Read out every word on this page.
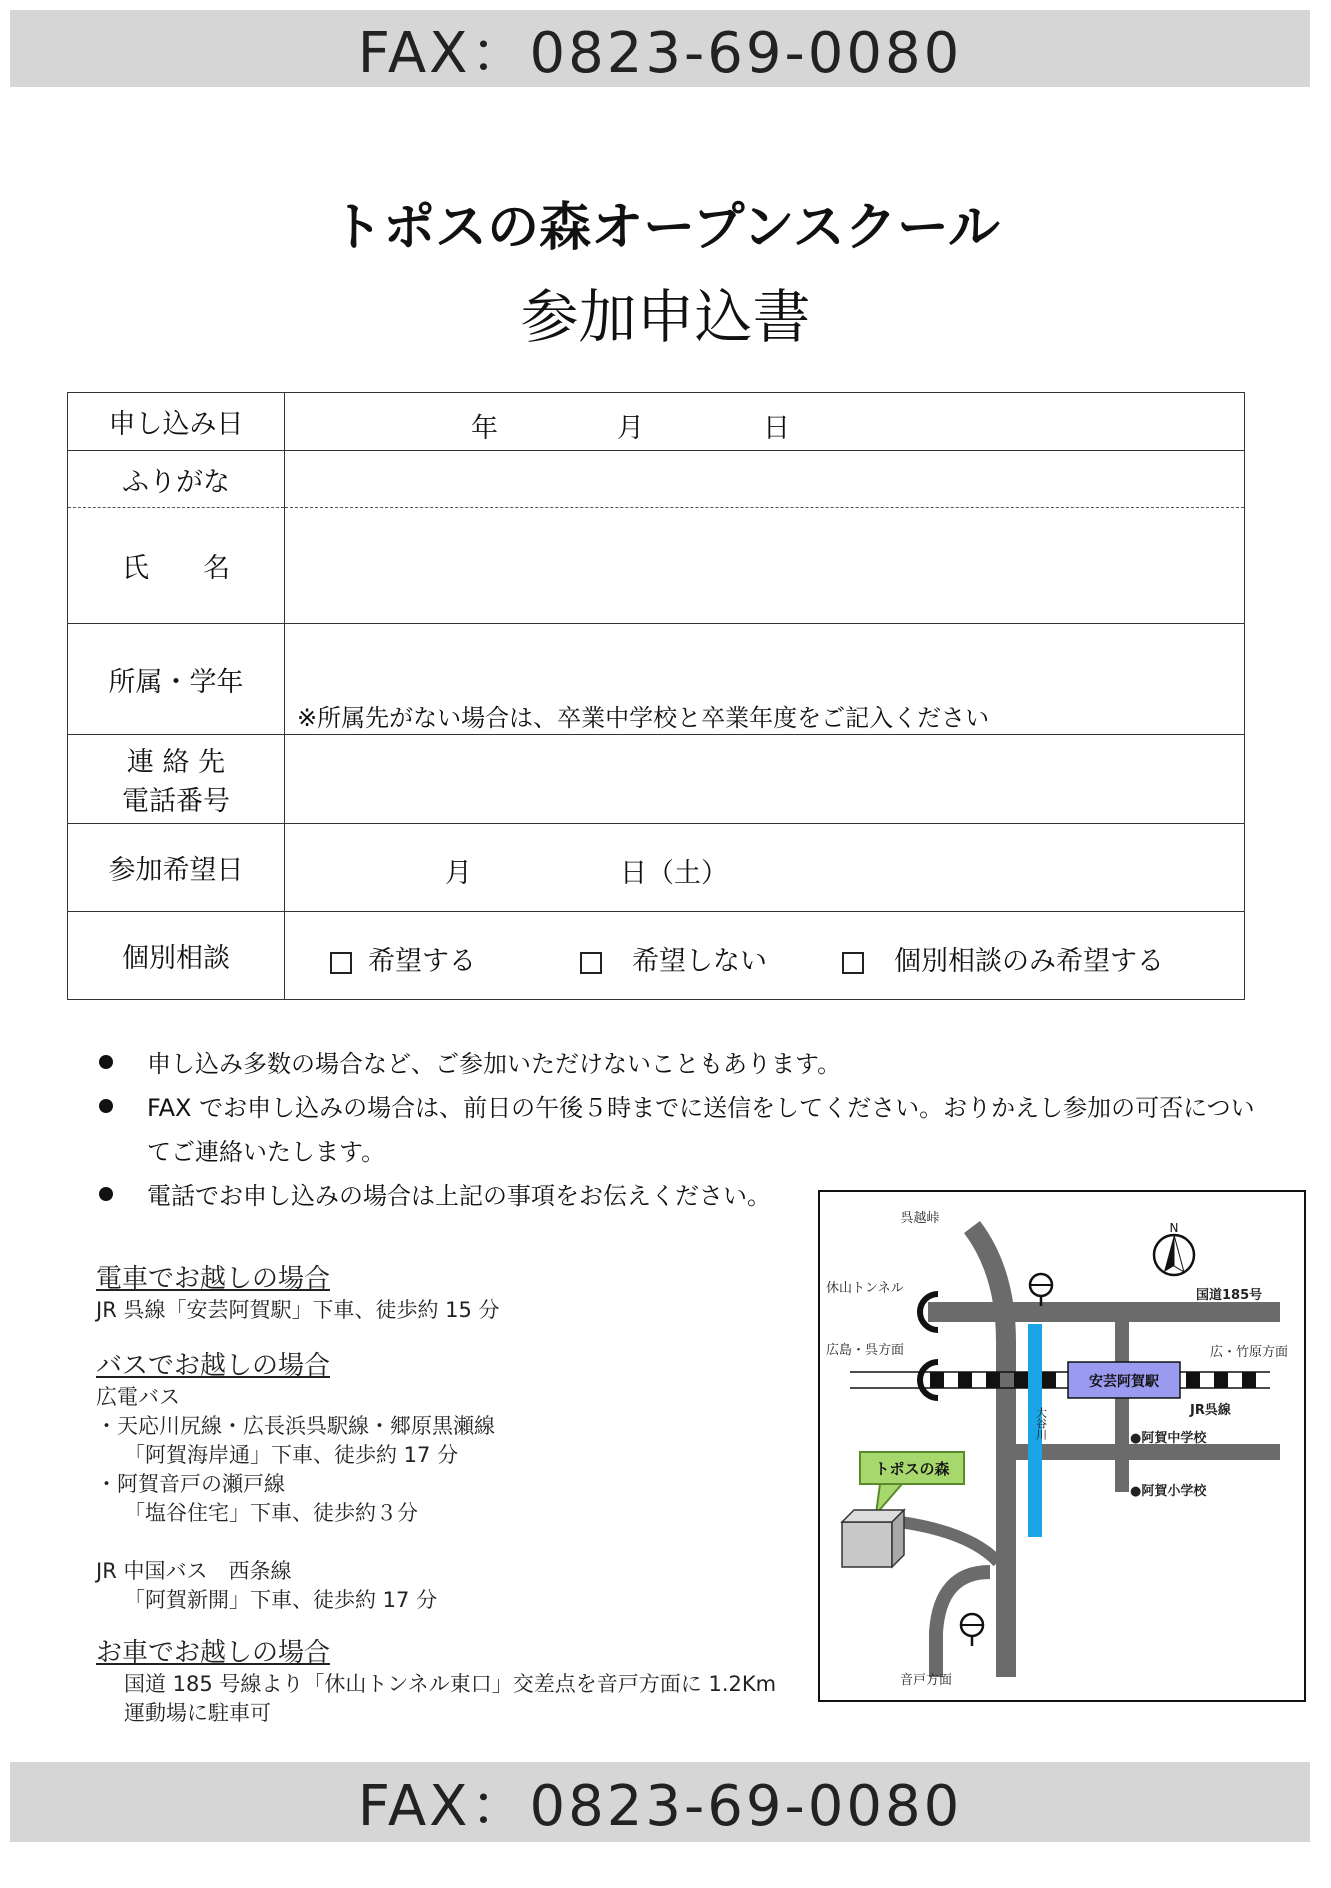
FAX：0823-69-0080
トポスの森オープンスクール
参加申込書
申し込み日	年 月 日

ふりがな	
氏　　名	
所属・学年	※所属先がない場合は、卒業中学校と卒業年度をご記入ください

連 絡 先
電話番号	

参加希望日	月 日（土）

個別相談	希望する 希望しない 個別相談のみ希望する
申し込み多数の場合など、ご参加いただけないこともあります。
FAX でお申し込みの場合は、前日の午後５時までに送信をしてください。おりかえし参加の可否についてご連絡いたします。
電話でお申し込みの場合は上記の事項をお伝えください。
電車でお越しの場合
JR 呉線「安芸阿賀駅」下車、徒歩約 15 分
バスでお越しの場合
広電バス
・天応川尻線・広長浜呉駅線・郷原黒瀬線
「阿賀海岸通」下車、徒歩約 17 分
・阿賀音戸の瀬戸線
「塩谷住宅」下車、徒歩約３分
JR 中国バス　西条線
「阿賀新開」下車、徒歩約 17 分
お車でお越しの場合
国道 185 号線より「休山トンネル東口」交差点を音戸方面に 1.2Km
運動場に駐車可
大谷川
安芸阿賀駅
N
トポスの森
呉越峠
国道185号
休山トンネル
広島・呉方面	広・竹原方面
JR呉線
●阿賀中学校
●阿賀小学校
音戸方面
FAX：0823-69-0080
